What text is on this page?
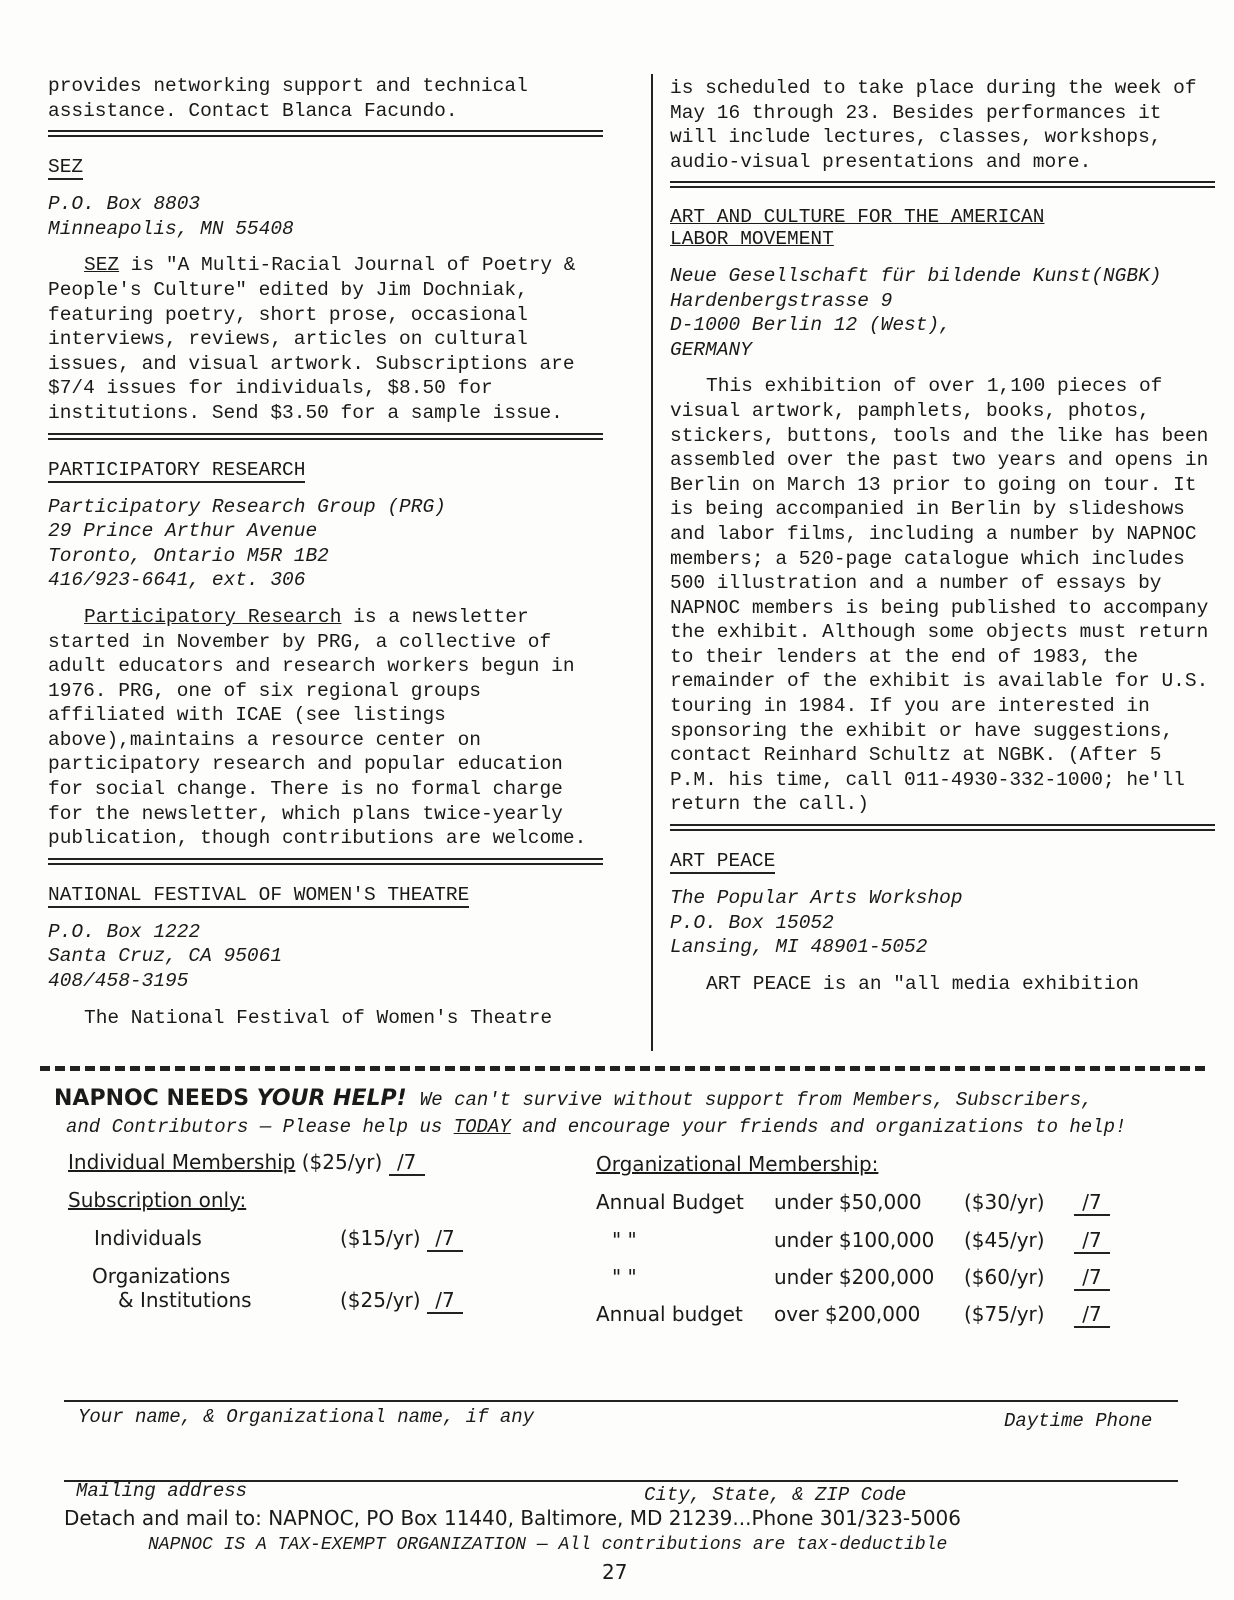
provides networking support and technical
assistance. Contact Blanca Facundo.
SEZ
P.O. Box 8803
Minneapolis, MN 55408

SEZ is "A Multi-Racial Journal of Poetry & People's Culture" edited by Jim Dochniak, featuring poetry, short prose, occasional interviews, reviews, articles on cultural issues, and visual artwork. Subscriptions are $7/4 issues for individuals, $8.50 for institutions. Send $3.50 for a sample issue.

PARTICIPATORY RESEARCH
Participatory Research Group (PRG)
29 Prince Arthur Avenue
Toronto, Ontario M5R 1B2
416/923-6641, ext. 306

Participatory Research is a newsletter started in November by PRG, a collective of adult educators and research workers begun in 1976. PRG, one of six regional groups affiliated with ICAE (see listings above),maintains a resource center on participatory research and popular education for social change. There is no formal charge for the newsletter, which plans twice-yearly publication, though contributions are welcome.

NATIONAL FESTIVAL OF WOMEN'S THEATRE
P.O. Box 1222
Santa Cruz, CA 95061
408/458-3195

The National Festival of Women's Theatre

is scheduled to take place during the week of May 16 through 23. Besides performances it will include lectures, classes, workshops, audio-visual presentations and more.
ART AND CULTURE FOR THE AMERICAN
LABOR MOVEMENT
Neue Gesellschaft für bildende Kunst(NGBK)
Hardenbergstrasse 9
D-1000 Berlin 12 (West),
GERMANY

This exhibition of over 1,100 pieces of visual artwork, pamphlets, books, photos, stickers, buttons, tools and the like has been assembled over the past two years and opens in Berlin on March 13 prior to going on tour. It is being accompanied in Berlin by slideshows and labor films, including a number by NAPNOC members; a 520-page catalogue which includes 500 illustration and a number of essays by NAPNOC members is being published to accompany the exhibit. Although some objects must return to their lenders at the end of 1983, the remainder of the exhibit is available for U.S. touring in 1984. If you are interested in sponsoring the exhibit or have suggestions, contact Reinhard Schultz at NGBK. (After 5 P.M. his time, call 011-4930-332-1000; he'll return the call.)

ART PEACE
The Popular Arts Workshop
P.O. Box 15052
Lansing, MI 48901-5052

ART PEACE is an "all media exhibition

NAPNOC NEEDS YOUR HELP! We can't survive without support from Members, Subscribers,
and Contributors — Please help us TODAY and encourage your friends and organizations to help!
Individual Membership ($25/yr) /7
Subscription only:
Individuals	($15/yr) /7
Organizations
& Institutions	($25/yr) /7
Organizational Membership:
Annual Budget under $50,000 ($30/yr) /7
" "	under $100,000 ($45/yr) /7
" "	under $200,000 ($60/yr) /7
Annual budget over $200,000 ($75/yr) /7
Your name, & Organizational name, if any	Daytime Phone
Mailing address	City, State, & ZIP Code
Detach and mail to: NAPNOC, PO Box 11440, Baltimore, MD 21239...Phone 301/323-5006
NAPNOC IS A TAX-EXEMPT ORGANIZATION — All contributions are tax-deductible
27
